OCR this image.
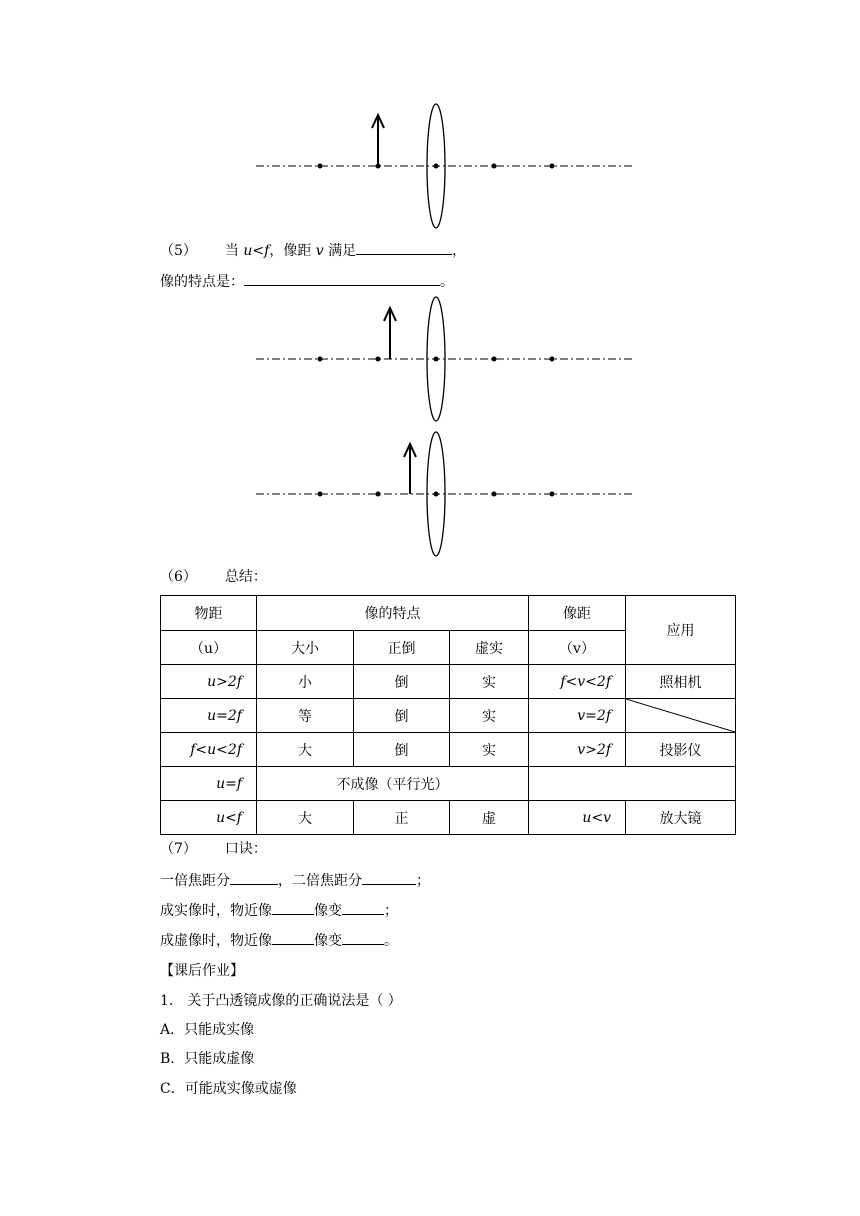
（5） 当 u<f，像距 v 满足	，
像的特点是：	。
（6） 总结：
物距	像的特点			像距	应用
（u）	大小	正倒	虚实	（v）	
u>2f	小	倒	实	f<v<2f	照相机
u=2f	等	倒	实	v=2f	

f<u<2f	大	倒	实	v>2f	投影仪
u=f	不成像（平行光）				
u<f	大	正	虚	u<v	放大镜
（7） 口诀：
一倍焦距分	，二倍焦距分	；
成实像时，物近像	像变	；
成虚像时，物近像	像变	。
【课后作业】
1. 关于凸透镜成像的正确说法是（ ）
A．只能成实像
B．只能成虚像
C．可能成实像或虚像
